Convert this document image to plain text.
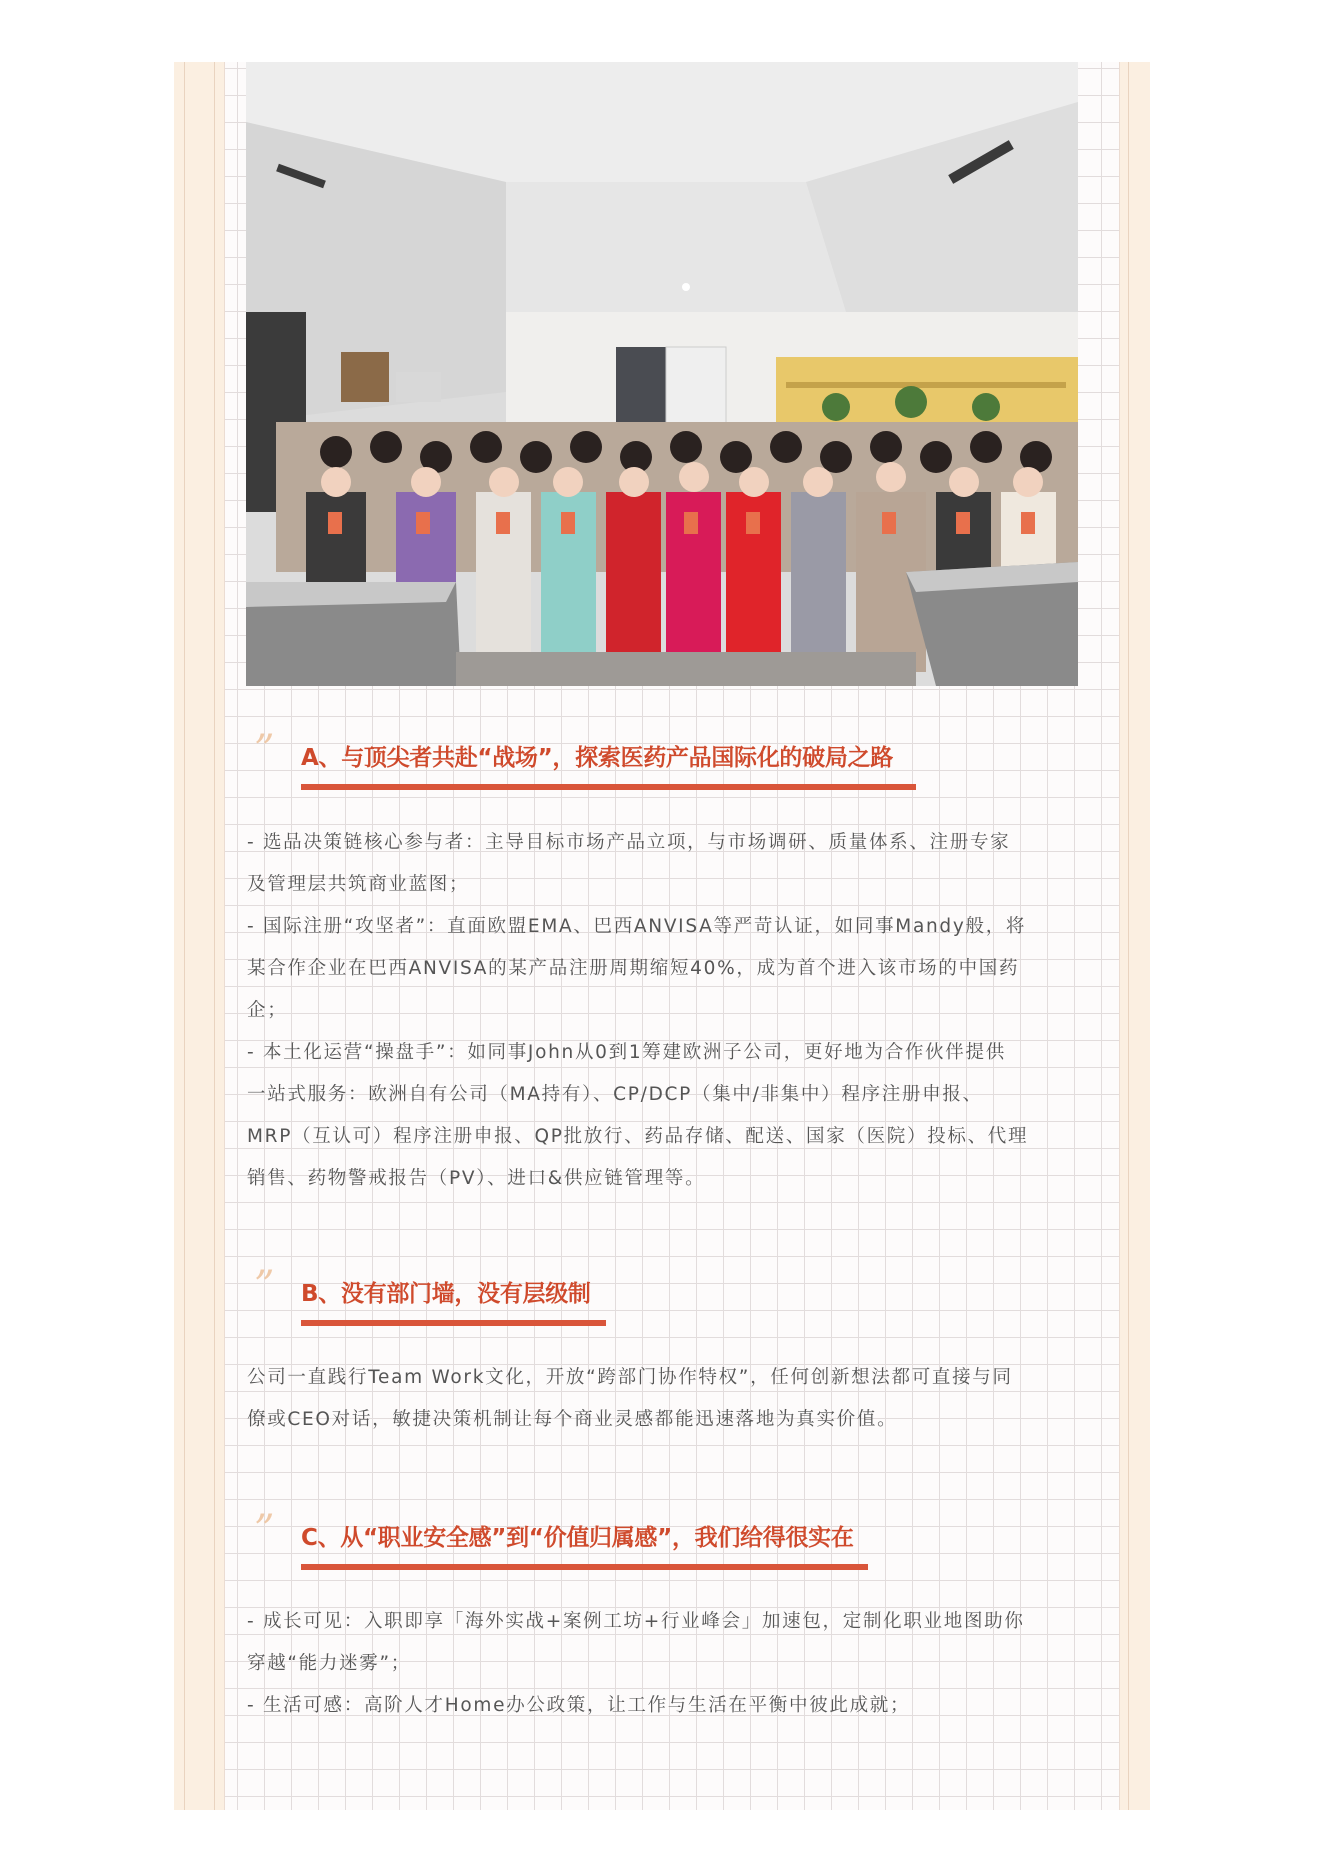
” A、与顶尖者共赴“战场”，探索医药产品国际化的破局之路
- 选品决策链核心参与者：主导目标市场产品立项，与市场调研、质量体系、注册专家
及管理层共筑商业蓝图；
- 国际注册“攻坚者”：直面欧盟EMA、巴西ANVISA等严苛认证，如同事Mandy般，将
某合作企业在巴西ANVISA的某产品注册周期缩短40%，成为首个进入该市场的中国药
企；
- 本土化运营“操盘手”：如同事John从0到1筹建欧洲子公司，更好地为合作伙伴提供
一站式服务：欧洲自有公司（MA持有）、CP/DCP（集中/非集中）程序注册申报、
MRP（互认可）程序注册申报、QP批放行、药品存储、配送、国家（医院）投标、代理
销售、药物警戒报告（PV）、进口&供应链管理等。
” B、没有部门墙，没有层级制
公司一直践行Team Work文化，开放“跨部门协作特权”，任何创新想法都可直接与同
僚或CEO对话，敏捷决策机制让每个商业灵感都能迅速落地为真实价值。
” C、从“职业安全感”到“价值归属感”，我们给得很实在
- 成长可见：入职即享「海外实战+案例工坊+行业峰会」加速包，定制化职业地图助你
穿越“能力迷雾”；
- 生活可感：高阶人才Home办公政策，让工作与生活在平衡中彼此成就；
